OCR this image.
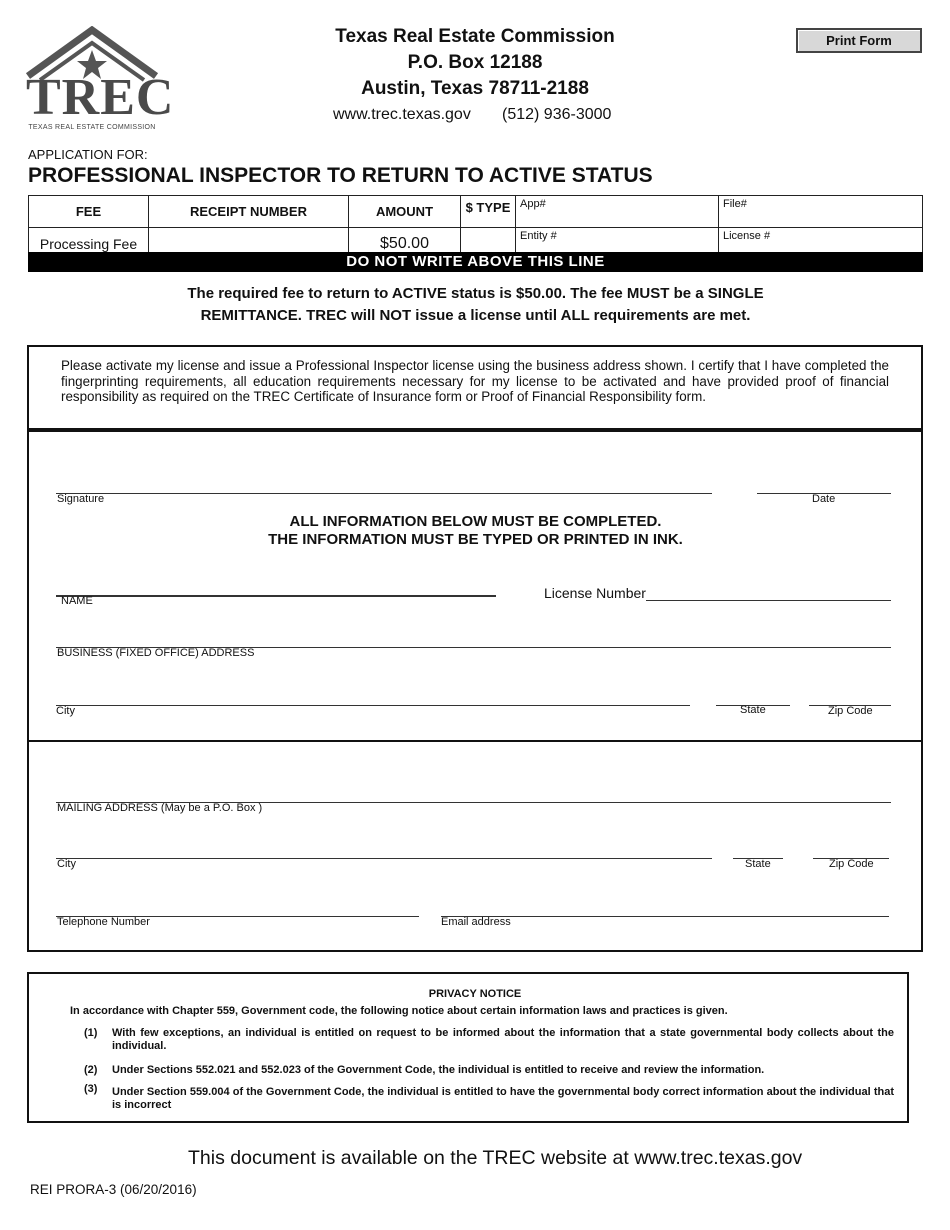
TREC
TEXAS REAL ESTATE COMMISSION
Texas Real Estate Commission
P.O. Box 12188
Austin, Texas 78711-2188
www.trec.texas.gov (512) 936-3000
Print Form
APPLICATION FOR:
PROFESSIONAL INSPECTOR TO RETURN TO ACTIVE STATUS
FEE	RECEIPT NUMBER	AMOUNT	$ TYPE	App#	File#
Processing Fee		$50.00		Entity #	License #
DO NOT WRITE ABOVE THIS LINE
The required fee to return to ACTIVE status is $50.00. The fee MUST be a SINGLE
REMITTANCE. TREC will NOT issue a license until ALL requirements are met.
Please activate my license and issue a Professional Inspector license using the business address shown. I certify that I have completed the fingerprinting requirements, all education requirements necessary for my license to be activated and have provided proof of financial responsibility as required on the TREC Certificate of Insurance form or Proof of Financial Responsibility form.
Signature	Date
ALL INFORMATION BELOW MUST BE COMPLETED.
THE INFORMATION MUST BE TYPED OR PRINTED IN INK.
NAME	License Number
BUSINESS (FIXED OFFICE) ADDRESS
City	State	Zip Code
MAILING ADDRESS (May be a P.O. Box )
City	State	Zip Code
Telephone Number	Email address
PRIVACY NOTICE
In accordance with Chapter 559, Government code, the following notice about certain information laws and practices is given.
(1) With few exceptions, an individual is entitled on request to be informed about the information that a state governmental body collects about the individual.
(2) Under Sections 552.021 and 552.023 of the Government Code, the individual is entitled to receive and review the information.
(3) Under Section 559.004 of the Government Code, the individual is entitled to have the governmental body correct information about the individual that is incorrect
This document is available on the TREC website at www.trec.texas.gov
REI PRORA-3 (06/20/2016)
